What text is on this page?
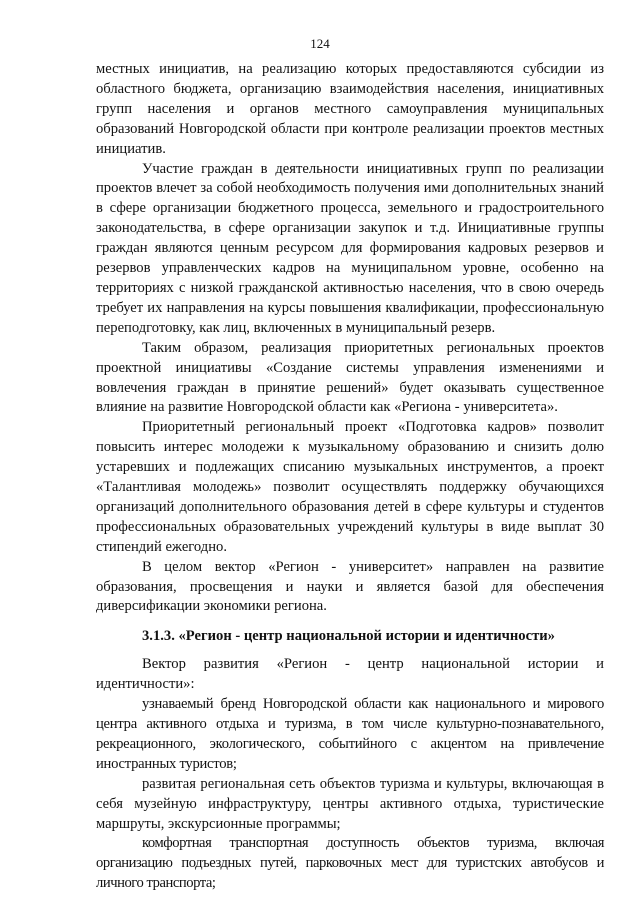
124

местных инициатив, на реализацию которых предоставляются субсидии из областного бюджета, организацию взаимодействия населения, инициативных групп населения и органов местного самоуправления муниципальных образований Новгородской области при контроле реализации проектов местных инициатив.

Участие граждан в деятельности инициативных групп по реализации проектов влечет за собой необходимость получения ими дополнительных знаний в сфере организации бюджетного процесса, земельного и градостроительного законодательства, в сфере организации закупок и т.д. Инициативные группы граждан являются ценным ресурсом для формирования кадровых резервов и резервов управленческих кадров на муниципальном уровне, особенно на территориях с низкой гражданской активностью населения, что в свою очередь требует их направления на курсы повышения квалификации, профессиональную переподготовку, как лиц, включенных в муниципальный резерв.

Таким образом, реализация приоритетных региональных проектов проектной инициативы «Создание системы управления изменениями и вовлечения граждан в принятие решений» будет оказывать существенное влияние на развитие Новгородской области как «Региона - университета».

Приоритетный региональный проект «Подготовка кадров» позволит повысить интерес молодежи к музыкальному образованию и снизить долю устаревших и подлежащих списанию музыкальных инструментов, а проект «Талантливая молодежь» позволит осуществлять поддержку обучающихся организаций дополнительного образования детей в сфере культуры и студентов профессиональных образовательных учреждений культуры в виде выплат 30 стипендий ежегодно.

В целом вектор «Регион - университет» направлен на развитие образования, просвещения и науки и является базой для обеспечения диверсификации экономики региона.

3.1.3. «Регион - центр национальной истории и идентичности»

Вектор развития «Регион - центр национальной истории и идентичности»:

узнаваемый бренд Новгородской области как национального и мирового центра активного отдыха и туризма, в том числе культурно-познавательного, рекреационного, экологического, событийного с акцентом на привлечение иностранных туристов;

развитая региональная сеть объектов туризма и культуры, включающая в себя музейную инфраструктуру, центры активного отдыха, туристические маршруты, экскурсионные программы;

комфортная транспортная доступность объектов туризма, включая организацию подъездных путей, парковочных мест для туристских автобусов и личного транспорта;
